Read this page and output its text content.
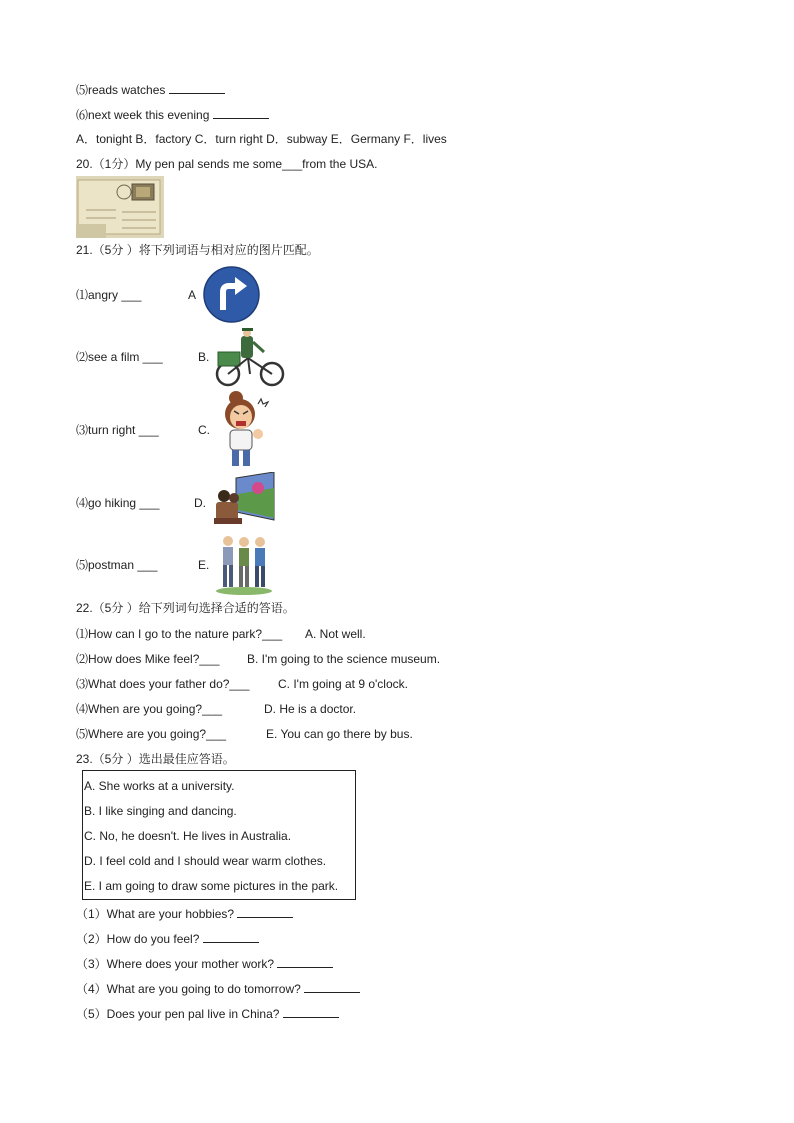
⑸reads watches
⑹next week this evening
A．tonight B．factory C．turn right D．subway E．Germany F．lives
20.（1分）My pen pal sends me some___from the USA.
21.（5分 ）将下列词语与相对应的图片匹配。
⑴angry ___	A
⑵see a film ___	B.
⑶turn right ___	C.
⑷go hiking ___	D.
⑸postman ___	E.
22.（5分 ）给下列词句选择合适的答语。
⑴How can I go to the nature park?___ A. Not well.
⑵How does Mike feel?___ B. I'm going to the science museum.
⑶What does your father do?___ C. I'm going at 9 o'clock.
⑷When are you going?___	D. He is a doctor.
⑸Where are you going?___	E. You can go there by bus.
23.（5分 ）选出最佳应答语。
A. She works at a university.
B. I like singing and dancing.
C. No, he doesn't. He lives in Australia.
D. I feel cold and I should wear warm clothes.
E. I am going to draw some pictures in the park.
（1）What are your hobbies?
（2）How do you feel?
（3）Where does your mother work?
（4）What are you going to do tomorrow?
（5）Does your pen pal live in China?
